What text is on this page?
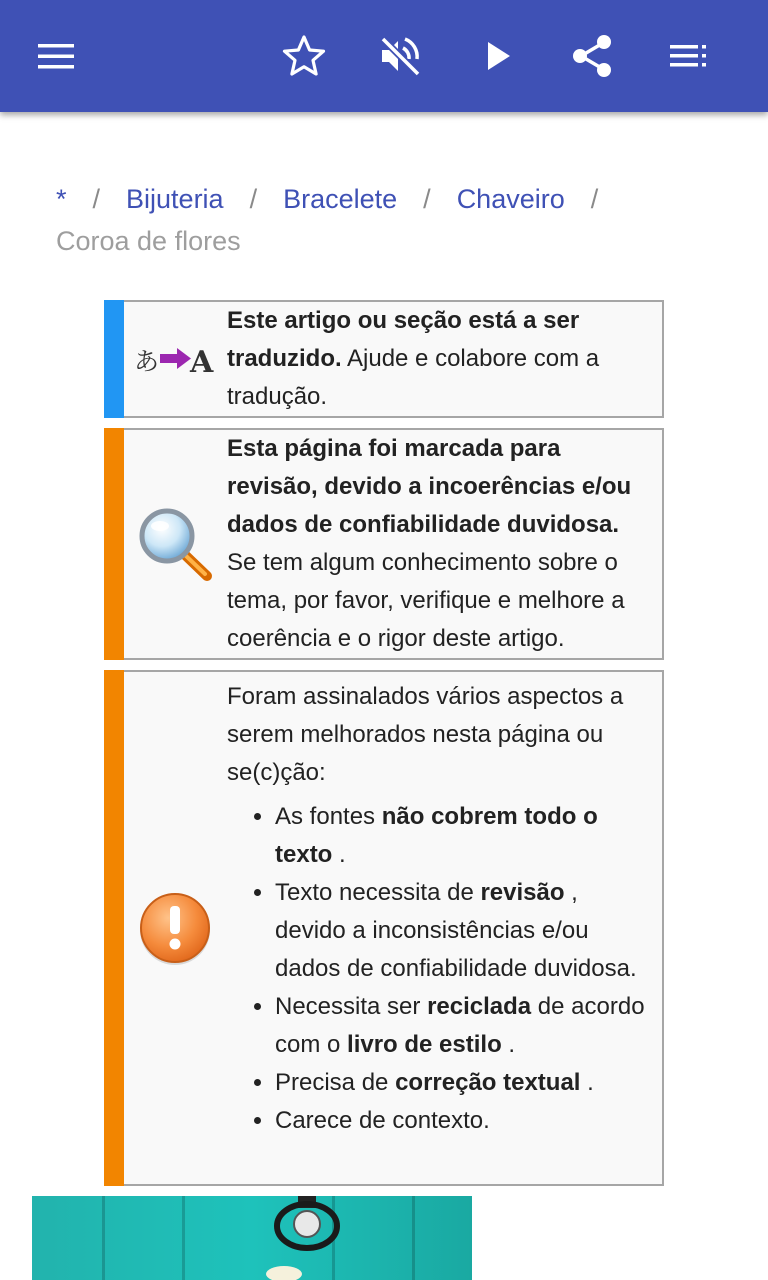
* / Bijuteria / Bracelete / Chaveiro /
Coroa de flores
あ A
Este artigo ou seção está a ser traduzido. Ajude e colabore com a tradução.
Esta página foi marcada para revisão, devido a incoerências e/ou dados de confiabilidade duvidosa. Se tem algum conhecimento sobre o tema, por favor, verifique e melhore a coerência e o rigor deste artigo.
Foram assinalados vários aspectos a serem melhorados nesta página ou se(c)ção:
• As fontes não cobrem todo o texto .
• Texto necessita de revisão , devido a inconsistências e/ou dados de confiabilidade duvidosa.
• Necessita ser reciclada de acordo com o livro de estilo .
• Precisa de correção textual .
• Carece de contexto.
